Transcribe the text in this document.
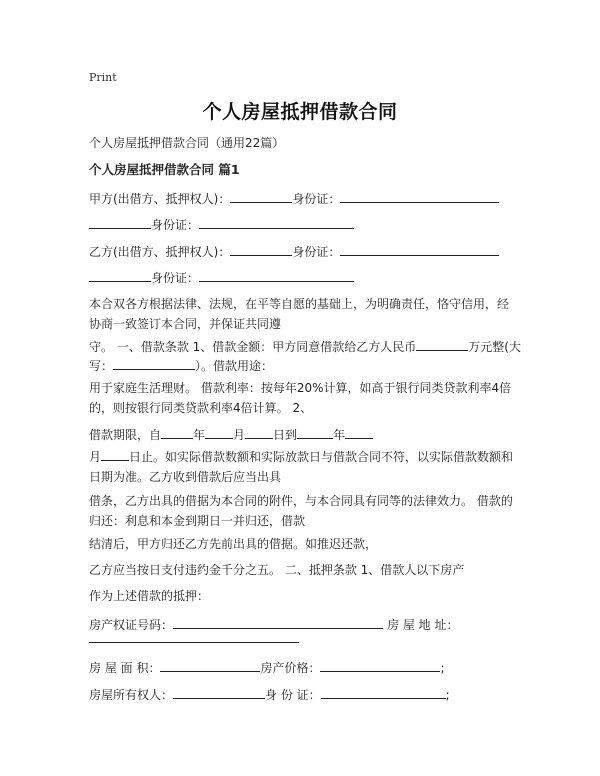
Print
个人房屋抵押借款合同
个人房屋抵押借款合同（通用22篇）
个人房屋抵押借款合同 篇1
甲方(出借方、抵押权人)：	身份证：
身份证：
乙方(出借方、抵押权人)：	身份证：
身份证：
本合双各方根据法律、法规，在平等自愿的基础上，为明确责任，恪守信用，经协商一致签订本合同，并保证共同遵
守。 一、借款条款 1、借款金额：甲方同意借款给乙方人民币	万元整(大
写：	）。借款用途：
用于家庭生活理财。 借款利率：按每年20%计算，如高于银行同类贷款利率4倍的，则按银行同类贷款利率4倍计算。 2、
借款期限，自	年 月 日到	年
月 日止。如实际借款数额和实际放款日与借款合同不符，以实际借款数额和日期为准。乙方收到借款后应当出具
借条，乙方出具的借据为本合同的附件，与本合同具有同等的法律效力。 借款的归还：利息和本金到期日一并归还，借款
结清后，甲方归还乙方先前出具的借据。如推迟还款，
乙方应当按日支付违约金千分之五。 二、抵押条款 1、借款人以下房产
作为上述借款的抵押：
房产权证号码：	房 屋 地 址：
房 屋 面 积：	房产价格：	;
房屋所有权人：	身 份 证：	;
